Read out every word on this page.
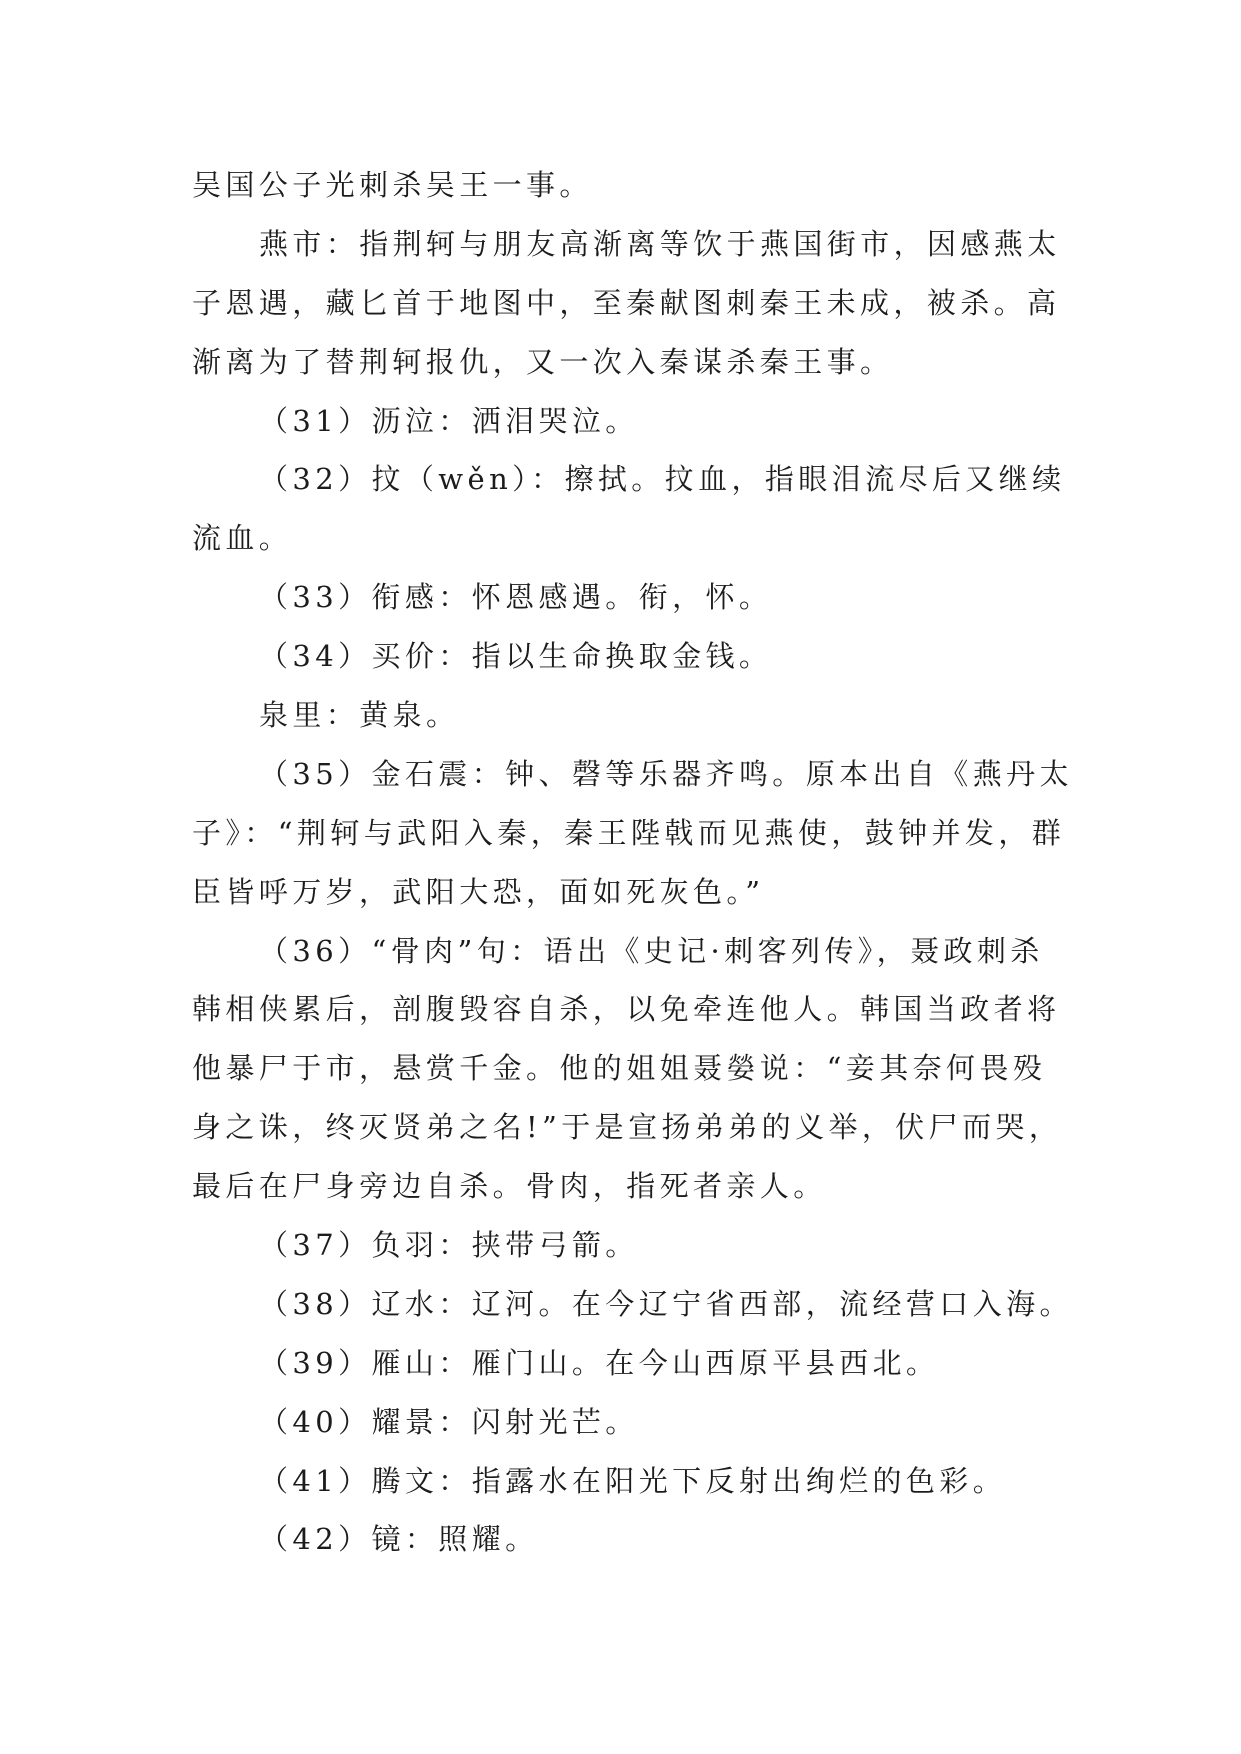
吴国公子光刺杀吴王一事。
燕市：指荆轲与朋友高渐离等饮于燕国街市，因感燕太
子恩遇，藏匕首于地图中，至秦献图刺秦王未成，被杀。高
渐离为了替荆轲报仇，又一次入秦谋杀秦王事。
（31）沥泣：洒泪哭泣。
（32）抆（wěn）：擦拭。抆血，指眼泪流尽后又继续
流血。
（33）衔感：怀恩感遇。衔，怀。
（34）买价：指以生命换取金钱。
泉里：黄泉。
（35）金石震：钟、磬等乐器齐鸣。原本出自《燕丹太
子》：“荆轲与武阳入秦，秦王陛戟而见燕使，鼓钟并发，群
臣皆呼万岁，武阳大恐，面如死灰色。”
（36）“骨肉”句：语出《史记·刺客列传》，聂政刺杀
韩相侠累后，剖腹毁容自杀，以免牵连他人。韩国当政者将
他暴尸于市，悬赏千金。他的姐姐聂嫈说：“妾其奈何畏殁
身之诛，终灭贤弟之名!”于是宣扬弟弟的义举，伏尸而哭，
最后在尸身旁边自杀。骨肉，指死者亲人。
（37）负羽：挟带弓箭。
（38）辽水：辽河。在今辽宁省西部，流经营口入海。
（39）雁山：雁门山。在今山西原平县西北。
（40）耀景：闪射光芒。
（41）腾文：指露水在阳光下反射出绚烂的色彩。
（42）镜：照耀。
